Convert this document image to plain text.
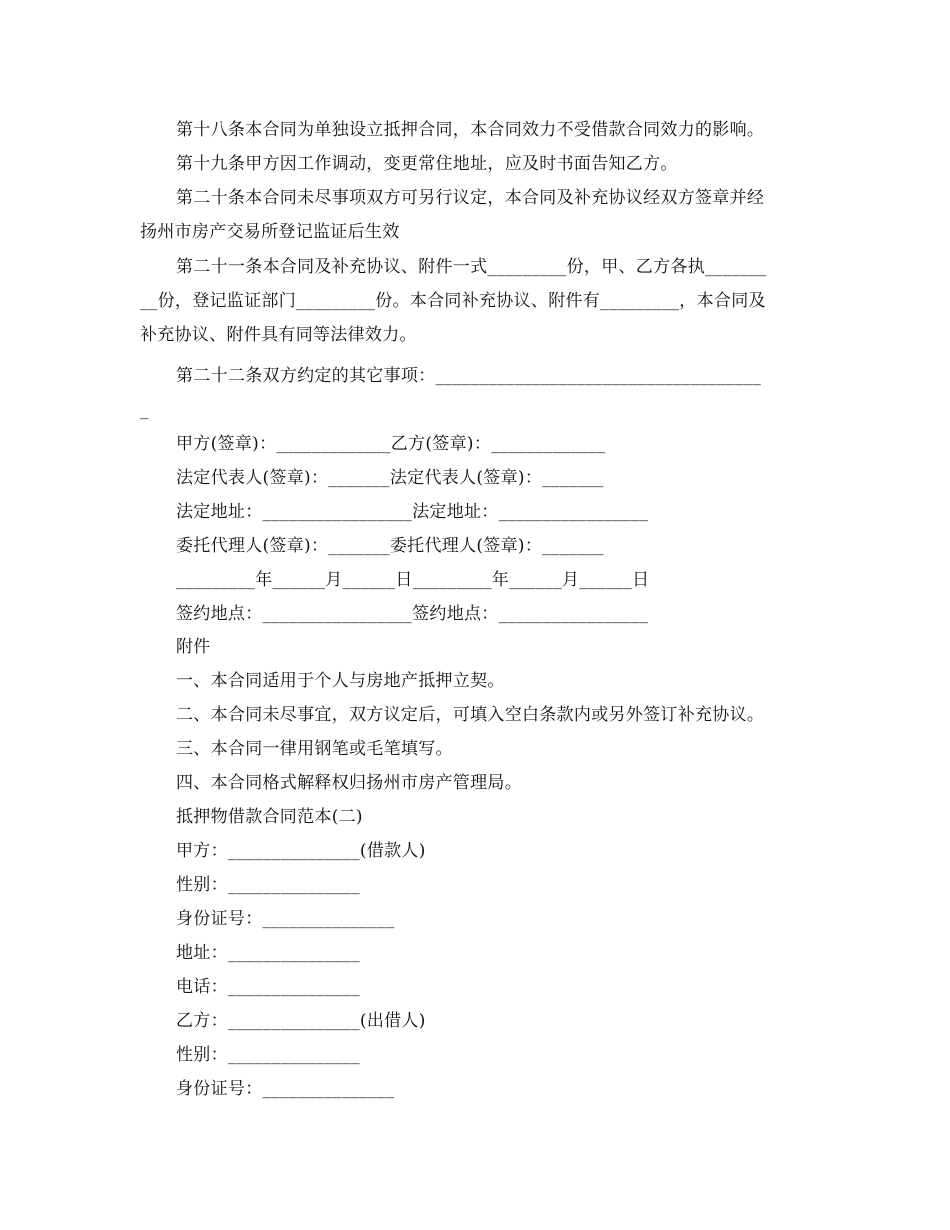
第十八条本合同为单独设立抵押合同，本合同效力不受借款合同效力的影响。
第十九条甲方因工作调动，变更常住地址，应及时书面告知乙方。
第二十条本合同未尽事项双方可另行议定，本合同及补充协议经双方签章并经
扬州市房产交易所登记监证后生效
第二十一条本合同及补充协议、附件一式_________份，甲、乙方各执_______
__份，登记监证部门_________份。本合同补充协议、附件有_________，本合同及
补充协议、附件具有同等法律效力。
第二十二条双方约定的其它事项：_____________________________________
_
甲方(签章)：_____________乙方(签章)：_____________
法定代表人(签章)：_______法定代表人(签章)：_______
法定地址：_________________法定地址：_________________
委托代理人(签章)：_______委托代理人(签章)：_______
_________年______月______日_________年______月______日
签约地点：_________________签约地点：_________________
附件
一、本合同适用于个人与房地产抵押立契。
二、本合同未尽事宜，双方议定后，可填入空白条款内或另外签订补充协议。
三、本合同一律用钢笔或毛笔填写。
四、本合同格式解释权归扬州市房产管理局。
抵押物借款合同范本(二)
甲方：_______________(借款人)
性别：_______________
身份证号：_______________
地址：_______________
电话：_______________
乙方：_______________(出借人)
性别：_______________
身份证号：_______________
